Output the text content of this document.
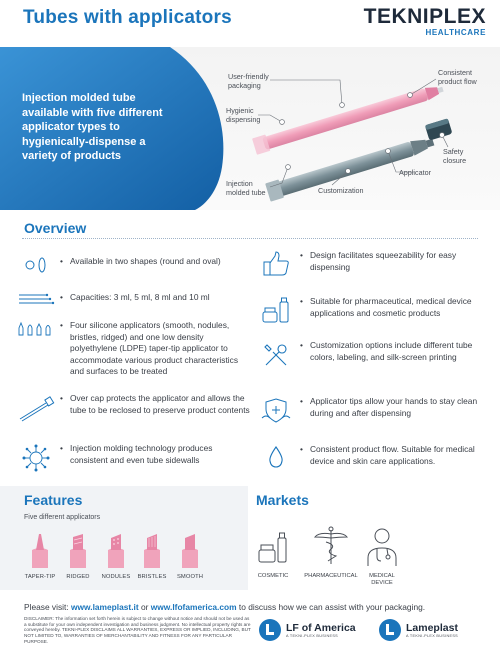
Tubes with applicators	TEKNIPLEX
HEALTHCARE
Injection molded tube available with five different applicator types to hygienically-dispense a variety of products
User-friendly packaging
Hygienic dispensing
Consistent product flow
Safety closure
Applicator
Injection molded tube	Customization
Overview
• Available in two shapes (round and oval)
• Capacities: 3 ml, 5 ml, 8 ml and 10 ml
• Four silicone applicators (smooth, nodules, bristles, ridged) and one low density polyethylene (LDPE) taper-tip applicator to accommodate various product characteristics and surfaces to be treated
• Over cap protects the applicator and allows the tube to be reclosed to preserve product contents
• Injection molding technology produces consistent and even tube sidewalls
• Design facilitates squeezability for easy dispensing
• Suitable for pharmaceutical, medical device applications and cosmetic products
• Customization options include different tube colors, labeling, and silk-screen printing
• Applicator tips allow your hands to stay clean during and after dispensing
• Consistent product flow. Suitable for medical device and skin care applications.
Features
Five different applicators
TAPER-TIP	RIDGED	NODULES	BRISTLES	SMOOTH
Markets
COSMETIC	PHARMACEUTICAL	MEDICAL DEVICE
Please visit: www.lameplast.it or www.lfofamerica.com to discuss how we can assist with your packaging.
DISCLAIMER: The information set forth herein is subject to change without notice and should not be used as a substitute for your own independent investigation and business judgment. No intellectual property rights are conveyed hereby. TEKNI-PLEX DISCLAIMS ALL WARRANTIES, EXPRESS OR IMPLIED, INCLUDING, BUT NOT LIMITED TO, WARRANTIES OF MERCHANTABILITY AND FITNESS FOR ANY PARTICULAR PURPOSE.
LF of America
A TEKNI-PLEX BUSINESS
Lameplast
A TEKNI-PLEX BUSINESS
